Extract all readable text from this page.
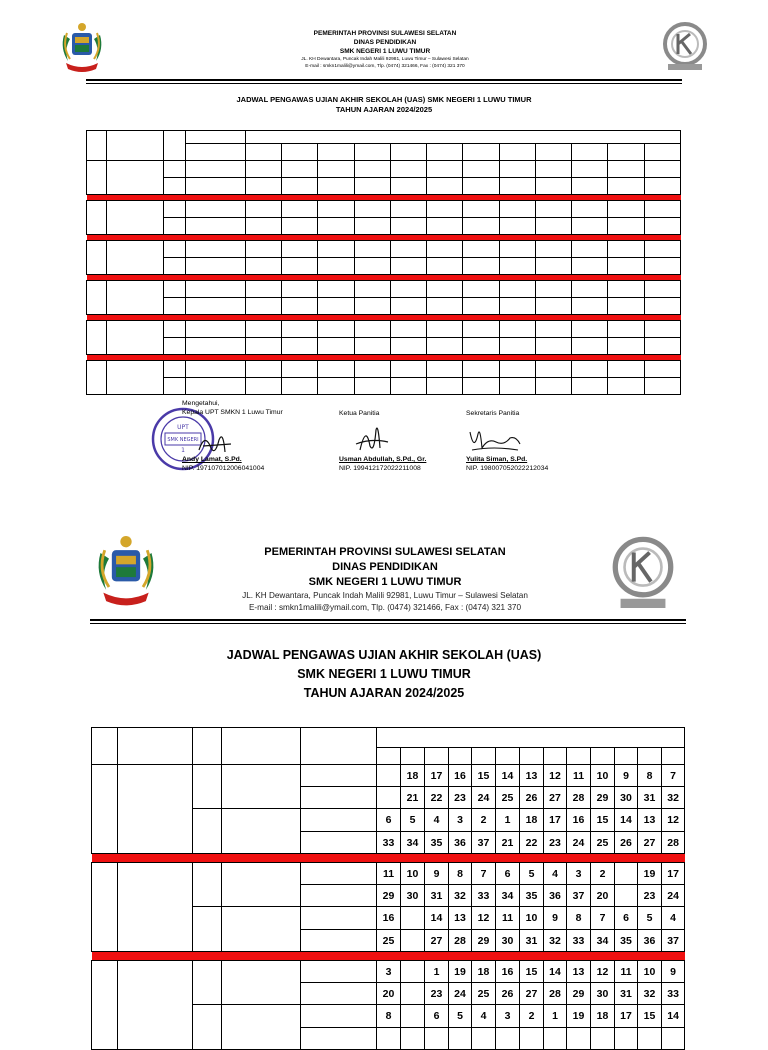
PEMERINTAH PROVINSI SULAWESI SELATAN
DINAS PENDIDIKAN
SMK NEGERI 1 LUWU TIMUR
JL. KH Dewantara, Puncak Indah Malili 92981, Luwu Timur – Sulawesi Selatan
E-mail : smkn1malili@ymail.com, Tlp. (0474) 321466, Fax : (0474) 321 370
JADWAL PENGAWAS UJIAN AKHIR SEKOLAH (UAS) SMK NEGERI 1 LUWU TIMUR
TAHUN AJARAN 2024/2025

UPT
SMK NEGERI
1
Mengetahui,
Kepala UPT SMKN 1 Luwu Timur
Andy Lamat, S.Pd.
NIP. 197107012006041004
Ketua Panitia
Usman Abdullah, S.Pd., Gr.
NIP. 199412172022211008
Sekretaris Panitia
Yulita Siman, S.Pd.
NIP. 198007052022212034
PEMERINTAH PROVINSI SULAWESI SELATAN
DINAS PENDIDIKAN
SMK NEGERI 1 LUWU TIMUR
JL. KH Dewantara, Puncak Indah Malili 92981, Luwu Timur – Sulawesi Selatan
E-mail : smkn1malili@ymail.com, Tlp. (0474) 321466, Fax : (0474) 321 370
JADWAL PENGAWAS UJIAN AKHIR SEKOLAH (UAS)
SMK NEGERI 1 LUWU TIMUR
TAHUN AJARAN 2024/2025

						18	17	16	15	14	13	12	11	10	9	8	7
						21	22	23	24	25	26	27	28	29	30	31	32
					6	5	4	3	2	1	18	17	16	15	14	13	12
					33	34	35	36	37	21	22	23	24	25	26	27	28

					11	10	9	8	7	6	5	4	3	2		19	17
					29	30	31	32	33	34	35	36	37	20		23	24
					16		14	13	12	11	10	9	8	7	6	5	4
					25		27	28	29	30	31	32	33	34	35	36	37

					3		1	19	18	16	15	14	13	12	11	10	9
					20		23	24	25	26	27	28	29	30	31	32	33
					8		6	5	4	3	2	1	19	18	17	15	14
